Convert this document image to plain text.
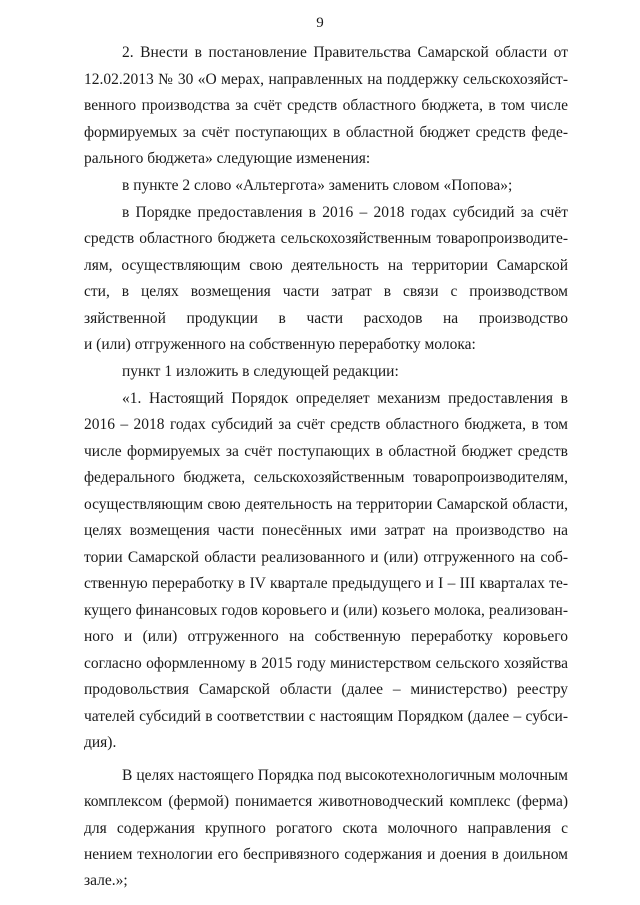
9
2. Внести в постановление Правительства Самарской области от
12.02.2013 № 30 «О мерах, направленных на поддержку сельскохозяйст-
венного производства за счёт средств областного бюджета, в том числе
формируемых за счёт поступающих в областной бюджет средств феде-
рального бюджета» следующие изменения:
в пункте 2 слово «Альтергота» заменить словом «Попова»;
в Порядке предоставления в 2016 – 2018 годах субсидий за счёт
средств областного бюджета сельскохозяйственным товаропроизводите-
лям, осуществляющим свою деятельность на территории Самарской
сти, в целях возмещения части затрат в связи с производством
зяйственной продукции в части расходов на производство
и (или) отгруженного на собственную переработку молока:
пункт 1 изложить в следующей редакции:
«1. Настоящий Порядок определяет механизм предоставления в
2016 – 2018 годах субсидий за счёт средств областного бюджета, в том
числе формируемых за счёт поступающих в областной бюджет средств
федерального бюджета, сельскохозяйственным товаропроизводителям,
осуществляющим свою деятельность на территории Самарской области,
целях возмещения части понесённых ими затрат на производство на
тории Самарской области реализованного и (или) отгруженного на соб-
ственную переработку в IV квартале предыдущего и I – III кварталах те-
кущего финансовых годов коровьего и (или) козьего молока, реализован-
ного и (или) отгруженного на собственную переработку коровьего
согласно оформленному в 2015 году министерством сельского хозяйства
продовольствия Самарской области (далее – министерство) реестру
чателей субсидий в соответствии с настоящим Порядком (далее – субси-
дия).
В целях настоящего Порядка под высокотехнологичным молочным
комплексом (фермой) понимается животноводческий комплекс (ферма)
для содержания крупного рогатого скота молочного направления с
нением технологии его беспривязного содержания и доения в доильном
зале.»;
